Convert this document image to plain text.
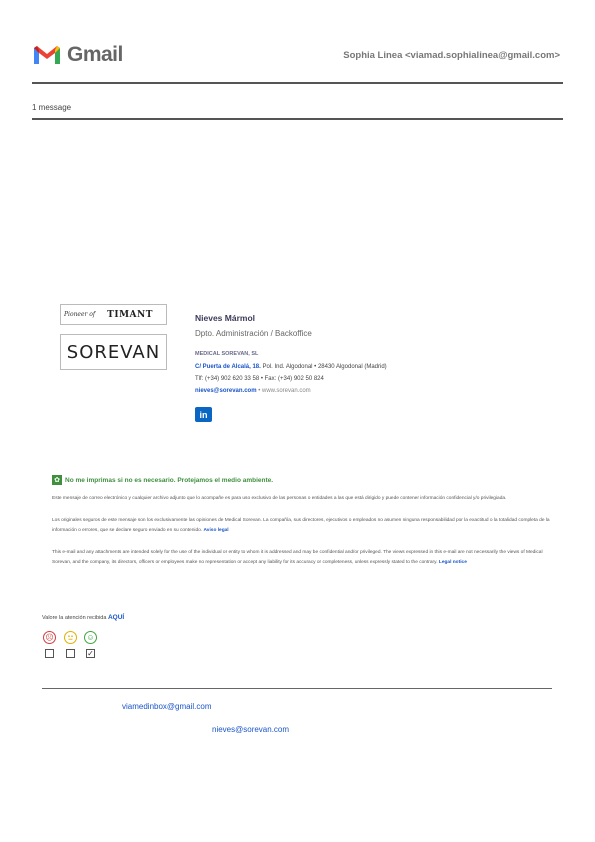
Gmail	Sophia Linea <viamad.sophialinea@gmail.com>
1 message
Pioneer of TIMANT
SOREVAN
Nieves Mármol
Dpto. Administración / Backoffice
MEDICAL SOREVAN, SL
C/ Puerta de Alcalá, 18. Pol. Ind. Algodonal • 28430 Algodonal (Madrid)
Tlf: (+34) 902 620 33 58 • Fax: (+34) 902 50 824
nieves@sorevan.com • www.sorevan.com
in
✿ No me imprimas si no es necesario. Protejamos el medio ambiente.
Este mensaje de correo electrónico y cualquier archivo adjunto que lo acompañe es para uso exclusivo de las personas o entidades a las que está dirigido y puede contener información confidencial y/o privilegiada.
Los originales seguros de este mensaje son los exclusivamente las opiniones de Medical Sorevan. La compañía, sus directores, ejecutivos o empleados no asumen ninguna responsabilidad por la exactitud o la totalidad completa de la información o errores, que se declare seguro enviado en su contenido. Aviso legal
This e-mail and any attachments are intended solely for the use of the individual or entity to whom it is addressed and may be confidential and/or privileged. The views expressed in this e-mail are not necessarily the views of Medical Sorevan, and the company, its directors, officers or employees make no representation or accept any liability for its accuracy or completeness, unless expressly stated to the contrary. Legal notice
Valore la atención recibida AQUÍ
☹	☺
✓
viamedinbox@gmail.com
nieves@sorevan.com
